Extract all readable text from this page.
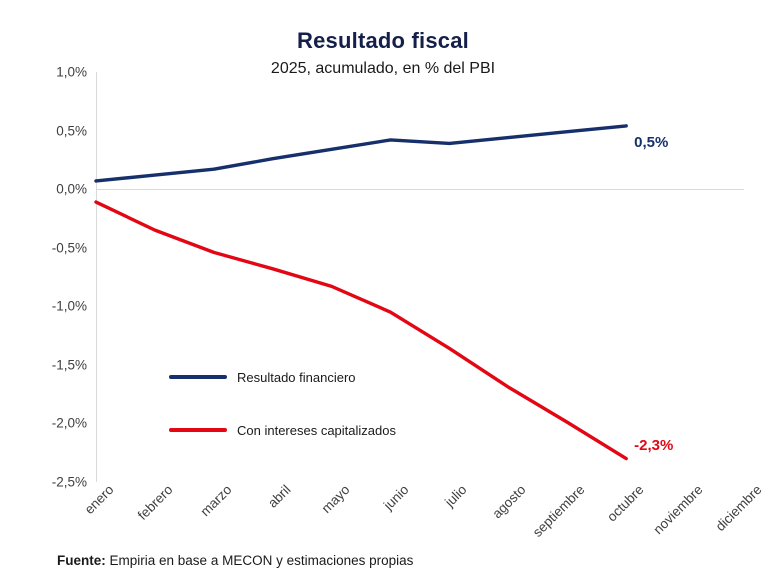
Resultado fiscal
2025, acumulado, en % del PBI
1,0%
0,5%
0,0%
-0,5%
-1,0%
-1,5%
-2,0%
-2,5%
0,5%
-2,3%
Resultado financiero
Con intereses capitalizados
enero febrero marzo abril mayo junio julio agosto septiembre octubre noviembre diciembre
Fuente: Empiria en base a MECON y estimaciones propias
